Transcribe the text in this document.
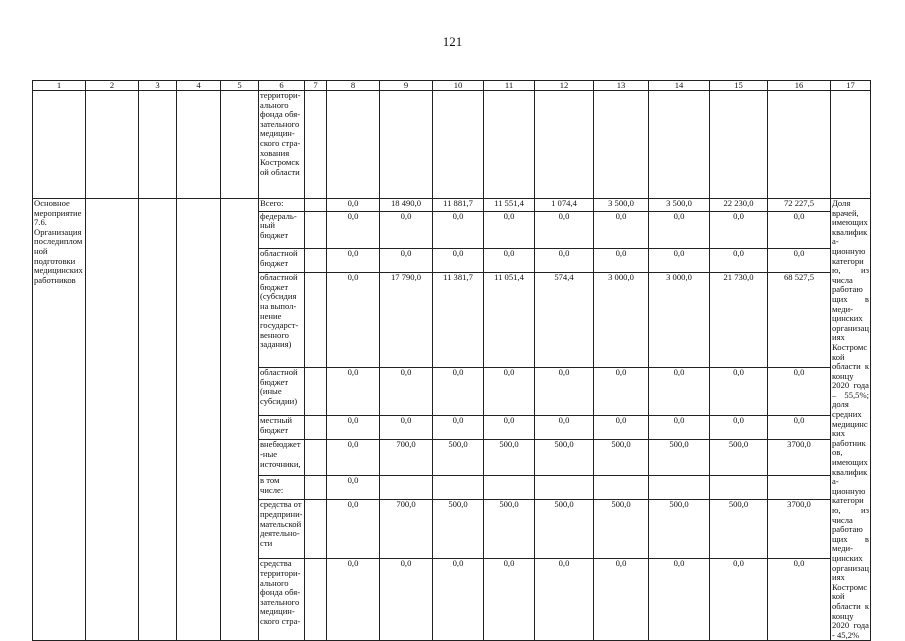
121
1	2	3	4	5	6	7	8	9	10	11	12	13	14	15	16	17
					территори-ального фонда обя-зательного медицин-ского стра-хования Костромской области											
Основное мероприятие 7.6. Организация последипломной подготовки медицинских работников					Всего:		0,0	18 490,0	11 881,7	11 551,4	1 074,4	3 500,0	3 500,0	22 230,0	72 227,5	Доля врачей, имеющих квалифика-ционную категорию, из числа работающих в меди-цинских организациях Костромской области к концу 2020 года – 55,5%; доля средних медицинских работников, имеющих квалифика-ционную категорию, из числа работающих в меди-цинских организациях Костромской области к концу 2020 года - 45,2%
					федераль-ный бюджет		0,0	0,0	0,0	0,0	0,0	0,0	0,0	0,0	0,0	
					областной бюджет		0,0	0,0	0,0	0,0	0,0	0,0	0,0	0,0	0,0	
					областной бюджет (субсидия на выпол-нение государст-венного задания)		0,0	17 790,0	11 381,7	11 051,4	574,4	3 000,0	3 000,0	21 730,0	68 527,5	
					областной бюджет (иные субсидии)		0,0	0,0	0,0	0,0	0,0	0,0	0,0	0,0	0,0	
					местный бюджет		0,0	0,0	0,0	0,0	0,0	0,0	0,0	0,0	0,0	
					внебюджет-ные источники,		0,0	700,0	500,0	500,0	500,0	500,0	500,0	500,0	3700,0	
					в том числе:		0,0									
					средства от предприни-мательской деятельно-сти		0,0	700,0	500,0	500,0	500,0	500,0	500,0	500,0	3700,0	
					средства территори-ального фонда обя-зательного медицин-ского стра-		0,0	0,0	0,0	0,0	0,0	0,0	0,0	0,0	0,0	
